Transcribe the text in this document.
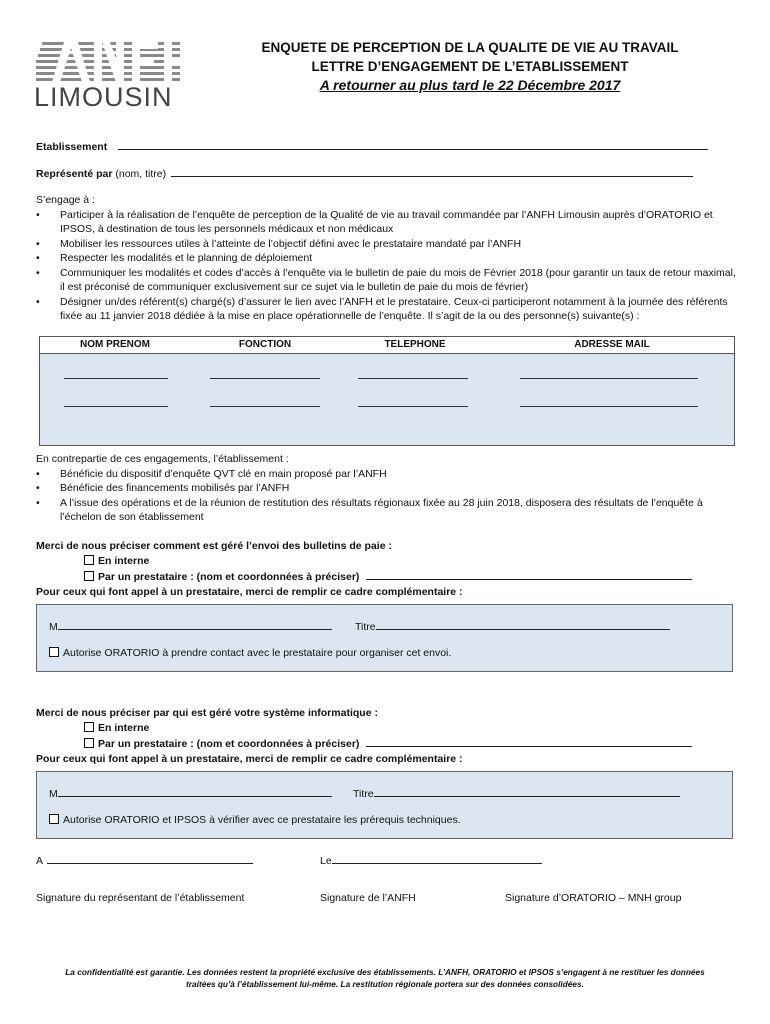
LIMOUSIN
ENQUETE DE PERCEPTION DE LA QUALITE DE VIE AU TRAVAIL
LETTRE D’ENGAGEMENT DE L’ETABLISSEMENT
A retourner au plus tard le 22 Décembre 2017
Etablissement
Représenté par (nom, titre)
S’engage à :
• Participer à la réalisation de l’enquête de perception de la Qualité de vie au travail commandée par l’ANFH Limousin auprès d’ORATORIO et IPSOS, à destination de tous les personnels médicaux et non médicaux
• Mobiliser les ressources utiles à l’atteinte de l’objectif défini avec le prestataire mandaté par l’ANFH
• Respecter les modalités et le planning de déploiement
• Communiquer les modalités et codes d’accès à l’enquête via le bulletin de paie du mois de Février 2018 (pour garantir un taux de retour maximal, il est préconisé de communiquer exclusivement sur ce sujet via le bulletin de paie du mois de février)
• Désigner un/des référent(s) chargé(s) d’assurer le lien avec l’ANFH et le prestataire. Ceux-ci participeront notamment à la journée des référents fixée au 11 janvier 2018 dédiée à la mise en place opérationnelle de l’enquête. Il s’agit de la ou des personne(s) suivante(s) :
NOM PRENOM	FONCTION	TELEPHONE	ADRESSE MAIL
En contrepartie de ces engagements, l’établissement :
• Bénéficie du dispositif d’enquête QVT clé en main proposé par l’ANFH
• Bénéficie des financements mobilisés par l’ANFH
• A l’issue des opérations et de la réunion de restitution des résultats régionaux fixée au 28 juin 2018, disposera des résultats de l’enquête à l’échelon de son établissement
Merci de nous préciser comment est géré l’envoi des bulletins de paie :
En interne
Par un prestataire : (nom et coordonnées à préciser)
Pour ceux qui font appel à un prestataire, merci de remplir ce cadre complémentaire :
M	Titre
Autorise ORATORIO à prendre contact avec le prestataire pour organiser cet envoi.
Merci de nous préciser par qui est géré votre système informatique :
En interne
Par un prestataire : (nom et coordonnées à préciser)
Pour ceux qui font appel à un prestataire, merci de remplir ce cadre complémentaire :
M	Titre
Autorise ORATORIO et IPSOS à vérifier avec ce prestataire les prérequis techniques.
A	Le
Signature du représentant de l’établissement	Signature de l’ANFH	Signature d’ORATORIO – MNH group
La confidentialité est garantie. Les données restent la propriété exclusive des établissements. L’ANFH, ORATORIO et IPSOS s’engagent à ne restituer les données
traitées qu’à l’établissement lui-même. La restitution régionale portera sur des données consolidées.
